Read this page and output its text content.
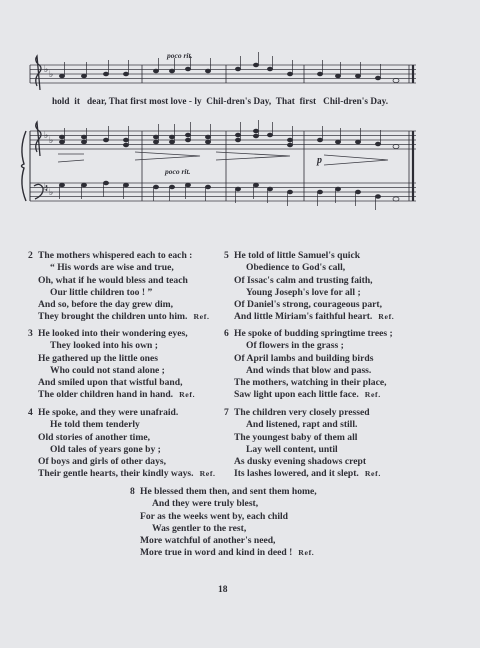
♭ ♭
♭ ♭
♭ ♭
poco rit.
poco rit.
p
hold  it   dear, That first most love - ly  Chil-dren's Day,  That  first   Chil-dren's Day.
2 The mothers whispered each to each :
“ His words are wise and true,
Oh, what if he would bless and teach
Our little children too ! ”
And so, before the day grew dim,
They brought the children unto him. Ref.
3 He looked into their wondering eyes,
They looked into his own ;
He gathered up the little ones
Who could not stand alone ;
And smiled upon that wistful band,
The older children hand in hand. Ref.
4 He spoke, and they were unafraid.
He told them tenderly
Old stories of another time,
Old tales of years gone by ;
Of boys and girls of other days,
Their gentle hearts, their kindly ways. Ref.
5 He told of little Samuel's quick
Obedience to God's call,
Of Issac's calm and trusting faith,
Young Joseph's love for all ;
Of Daniel's strong, courageous part,
And little Miriam's faithful heart. Ref.
6 He spoke of budding springtime trees ;
Of flowers in the grass ;
Of April lambs and building birds
And winds that blow and pass.
The mothers, watching in their place,
Saw light upon each little face. Ref.
7 The children very closely pressed
And listened, rapt and still.
The youngest baby of them all
Lay well content, until
As dusky evening shadows crept
Its lashes lowered, and it slept. Ref.
8 He blessed them then, and sent them home,
And they were truly blest,
For as the weeks went by, each child
Was gentler to the rest,
More watchful of another's need,
More true in word and kind in deed ! Ref.
18
